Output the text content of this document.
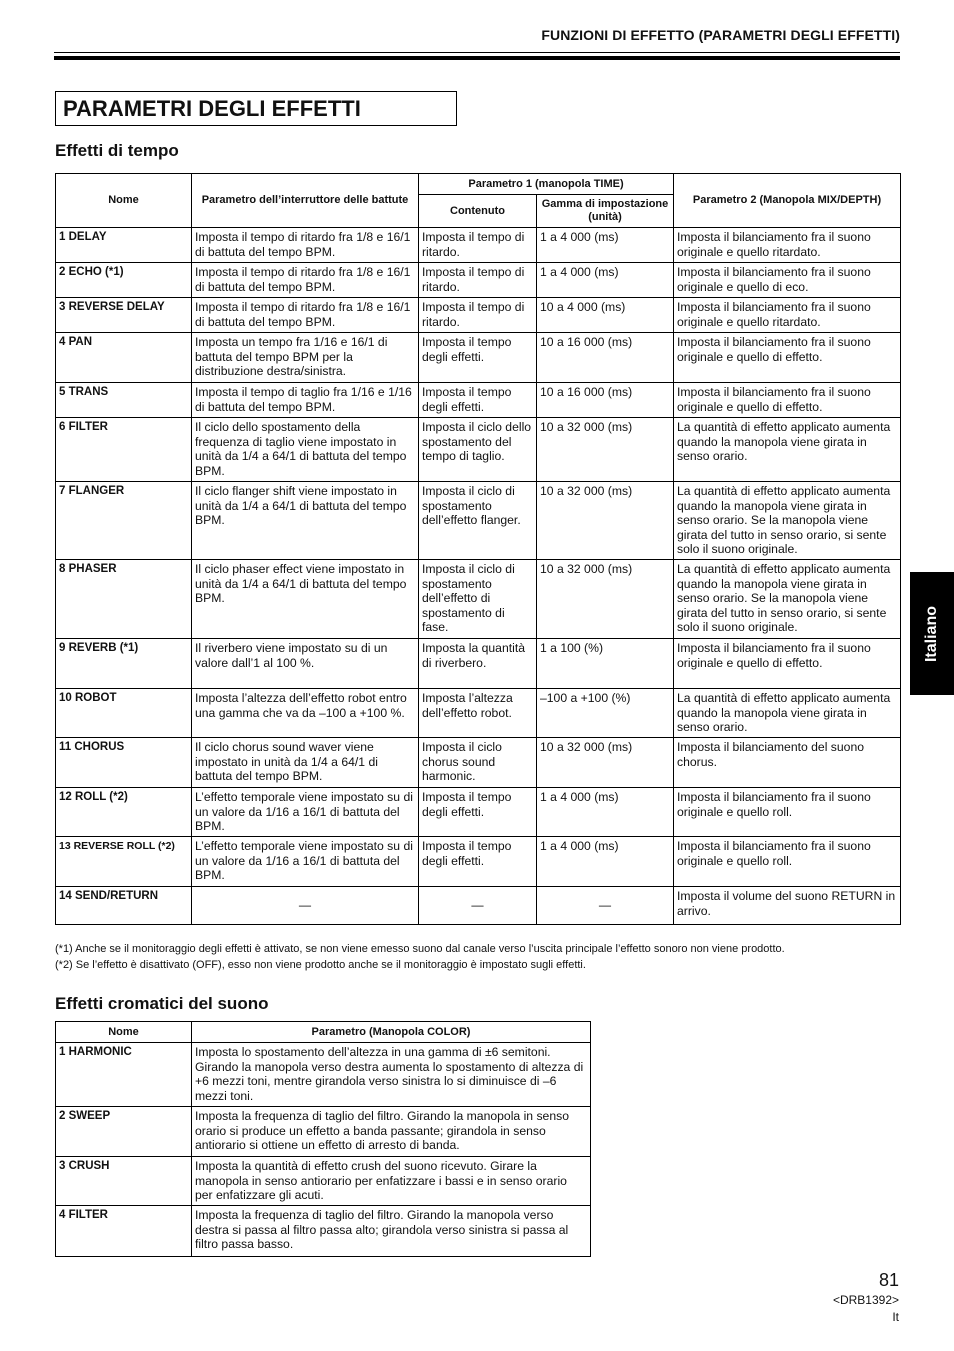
FUNZIONI DI EFFETTO (PARAMETRI DEGLI EFFETTI)
PARAMETRI DEGLI EFFETTI
Effetti di tempo
Nome	Parametro dell’interruttore delle battute	Parametro 1 (manopola TIME)		Parametro 2 (Manopola MIX/DEPTH)
		Contenuto	Gamma di impostazione (unità)	
1 DELAY	Imposta il tempo di ritardo fra 1/8 e 16/1 di battuta del tempo BPM.	Imposta il tempo di ritardo.	1 a 4 000 (ms)	Imposta il bilanciamento fra il suono originale e quello ritardato.
2 ECHO (*1)	Imposta il tempo di ritardo fra 1/8 e 16/1 di battuta del tempo BPM.	Imposta il tempo di ritardo.	1 a 4 000 (ms)	Imposta il bilanciamento fra il suono originale e quello di eco.
3 REVERSE DELAY	Imposta il tempo di ritardo fra 1/8 e 16/1 di battuta del tempo BPM.	Imposta il tempo di ritardo.	10 a 4 000 (ms)	Imposta il bilanciamento fra il suono originale e quello ritardato.
4 PAN	Imposta un tempo fra 1/16 e 16/1 di battuta del tempo BPM per la distribuzione destra/sinistra.	Imposta il tempo degli effetti.	10 a 16 000 (ms)	Imposta il bilanciamento fra il suono originale e quello di effetto.
5 TRANS	Imposta il tempo di taglio fra 1/16 e 1/16 di battuta del tempo BPM.	Imposta il tempo degli effetti.	10 a 16 000 (ms)	Imposta il bilanciamento fra il suono originale e quello di effetto.
6 FILTER	Il ciclo dello spostamento della frequenza di taglio viene impostato in unità da 1/4 a 64/1 di battuta del tempo BPM.	Imposta il ciclo dello spostamento del tempo di taglio.	10 a 32 000 (ms)	La quantità di effetto applicato aumenta quando la manopola viene girata in senso orario.
7 FLANGER	Il ciclo flanger shift viene impostato in unità da 1/4 a 64/1 di battuta del tempo BPM.	Imposta il ciclo di spostamento dell’effetto flanger.	10 a 32 000 (ms)	La quantità di effetto applicato aumenta quando la manopola viene girata in senso orario. Se la manopola viene girata del tutto in senso orario, si sente solo il suono originale.
8 PHASER	Il ciclo phaser effect viene impostato in unità da 1/4 a 64/1 di battuta del tempo BPM.	Imposta il ciclo di spostamento dell’effetto di spostamento di fase.	10 a 32 000 (ms)	La quantità di effetto applicato aumenta quando la manopola viene girata in senso orario. Se la manopola viene girata del tutto in senso orario, si sente solo il suono originale.
9 REVERB (*1)	Il riverbero viene impostato su di un valore dall’1 al 100 %.	Imposta la quantità di riverbero.	1 a 100 (%)	Imposta il bilanciamento fra il suono originale e quello di effetto.
10 ROBOT	Imposta l’altezza dell’effetto robot entro una gamma che va da –100 a +100 %.	Imposta l’altezza dell’effetto robot.	–100 a +100 (%)	La quantità di effetto applicato aumenta quando la manopola viene girata in senso orario.
11 CHORUS	Il ciclo chorus sound waver viene impostato in unità da 1/4 a 64/1 di battuta del tempo BPM.	Imposta il ciclo chorus sound harmonic.	10 a 32 000 (ms)	Imposta il bilanciamento del suono chorus.
12 ROLL (*2)	L’effetto temporale viene impostato su di un valore da 1/16 a 16/1 di battuta del BPM.	Imposta il tempo degli effetti.	1 a 4 000 (ms)	Imposta il bilanciamento fra il suono originale e quello roll.
13 REVERSE ROLL (*2)	L’effetto temporale viene impostato su di un valore da 1/16 a 16/1 di battuta del BPM.	Imposta il tempo degli effetti.	1 a 4 000 (ms)	Imposta il bilanciamento fra il suono originale e quello roll.
14 SEND/RETURN	—	—	—	Imposta il volume del suono RETURN in arrivo.
(*1) Anche se il monitoraggio degli effetti è attivato, se non viene emesso suono dal canale verso l’uscita principale l’effetto sonoro non viene prodotto.
(*2) Se l’effetto è disattivato (OFF), esso non viene prodotto anche se il monitoraggio è impostato sugli effetti.
Effetti cromatici del suono
Nome	Parametro (Manopola COLOR)
1 HARMONIC	Imposta lo spostamento dell’altezza in una gamma di ±6 semitoni. Girando la manopola verso destra aumenta lo spostamento di altezza di +6 mezzi toni, mentre girandola verso sinistra lo si diminuisce di –6 mezzi toni.
2 SWEEP	Imposta la frequenza di taglio del filtro. Girando la manopola in senso orario si produce un effetto a banda passante; girandola in senso antiorario si ottiene un effetto di arresto di banda.
3 CRUSH	Imposta la quantità di effetto crush del suono ricevuto. Girare la manopola in senso antiorario per enfatizzare i bassi e in senso orario per enfatizzare gli acuti.
4 FILTER	Imposta la frequenza di taglio del filtro. Girando la manopola verso destra si passa al filtro passa alto; girandola verso sinistra si passa al filtro passa basso.
Italiano
81
<DRB1392>
It
